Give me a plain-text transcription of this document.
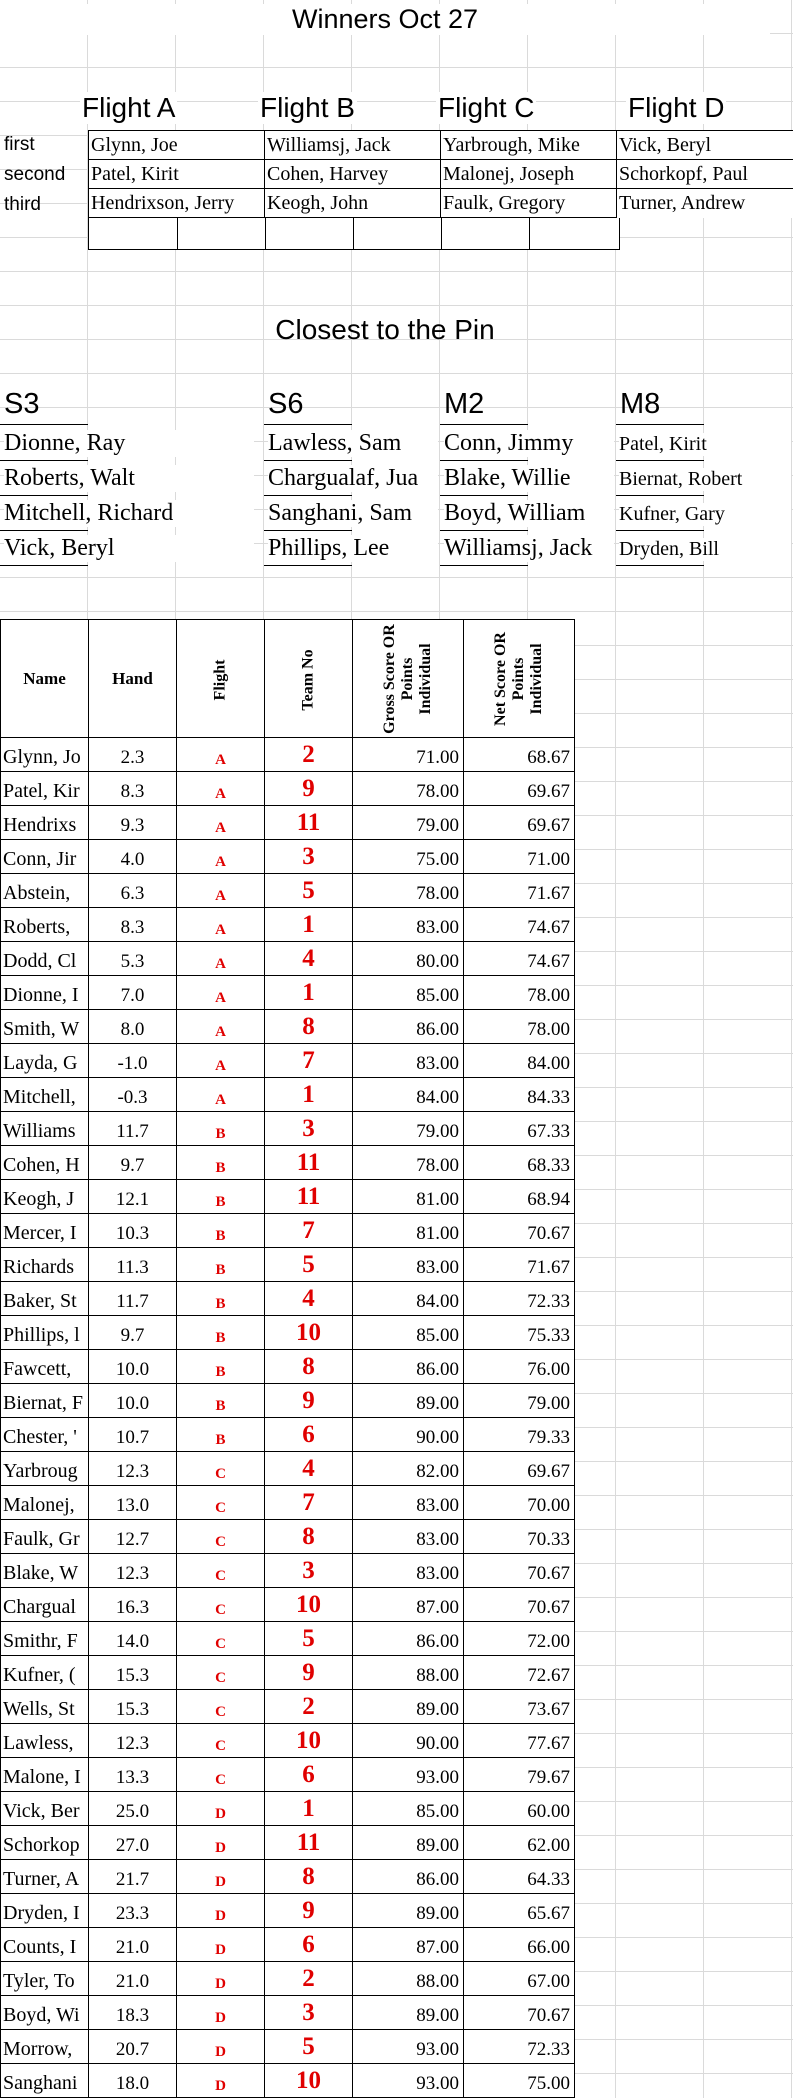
Winners Oct 27
Flight A	Flight B	Flight C	Flight D
first
second
third
Glynn, Joe	Williamsj, Jack	Yarbrough, Mike	Vick, Beryl
Patel, Kirit	Cohen, Harvey	Malonej, Joseph	Schorkopf, Paul
Hendrixson, Jerry	Keogh, John	Faulk, Gregory	Turner, Andrew
Closest to the Pin
S3	S6	M2	M8
Dionne, Ray	Lawless, Sam	Conn, Jimmy	Patel, Kirit
Roberts, Walt	Chargualaf, Jua	Blake, Willie	Biernat, Robert
Mitchell, Richard	Sanghani, Sam	Boyd, William	Kufner, Gary
Vick, Beryl	Phillips, Lee	Williamsj, Jack	Dryden, Bill
Name	Hand	Flight	Team No	Gross Score OR Points Individual	Net Score OR Points Individual
Glynn, Jo	2.3	A	2	71.00	68.67
Patel, Kir	8.3	A	9	78.00	69.67
Hendrixs	9.3	A	11	79.00	69.67
Conn, Jir	4.0	A	3	75.00	71.00
Abstein,	6.3	A	5	78.00	71.67
Roberts,	8.3	A	1	83.00	74.67
Dodd, Cl	5.3	A	4	80.00	74.67
Dionne, I	7.0	A	1	85.00	78.00
Smith, W	8.0	A	8	86.00	78.00
Layda, G	-1.0	A	7	83.00	84.00
Mitchell,	-0.3	A	1	84.00	84.33
Williams	11.7	B	3	79.00	67.33
Cohen, H	9.7	B	11	78.00	68.33
Keogh, J	12.1	B	11	81.00	68.94
Mercer, I	10.3	B	7	81.00	70.67
Richards	11.3	B	5	83.00	71.67
Baker, St	11.7	B	4	84.00	72.33
Phillips, l	9.7	B	10	85.00	75.33
Fawcett,	10.0	B	8	86.00	76.00
Biernat, F	10.0	B	9	89.00	79.00
Chester, '	10.7	B	6	90.00	79.33
Yarbroug	12.3	C	4	82.00	69.67
Malonej,	13.0	C	7	83.00	70.00
Faulk, Gr	12.7	C	8	83.00	70.33
Blake, W	12.3	C	3	83.00	70.67
Chargual	16.3	C	10	87.00	70.67
Smithr, F	14.0	C	5	86.00	72.00
Kufner, (	15.3	C	9	88.00	72.67
Wells, St	15.3	C	2	89.00	73.67
Lawless,	12.3	C	10	90.00	77.67
Malone, I	13.3	C	6	93.00	79.67
Vick, Ber	25.0	D	1	85.00	60.00
Schorkop	27.0	D	11	89.00	62.00
Turner, A	21.7	D	8	86.00	64.33
Dryden, I	23.3	D	9	89.00	65.67
Counts, I	21.0	D	6	87.00	66.00
Tyler, To	21.0	D	2	88.00	67.00
Boyd, Wi	18.3	D	3	89.00	70.67
Morrow,	20.7	D	5	93.00	72.33
Sanghani	18.0	D	10	93.00	75.00
